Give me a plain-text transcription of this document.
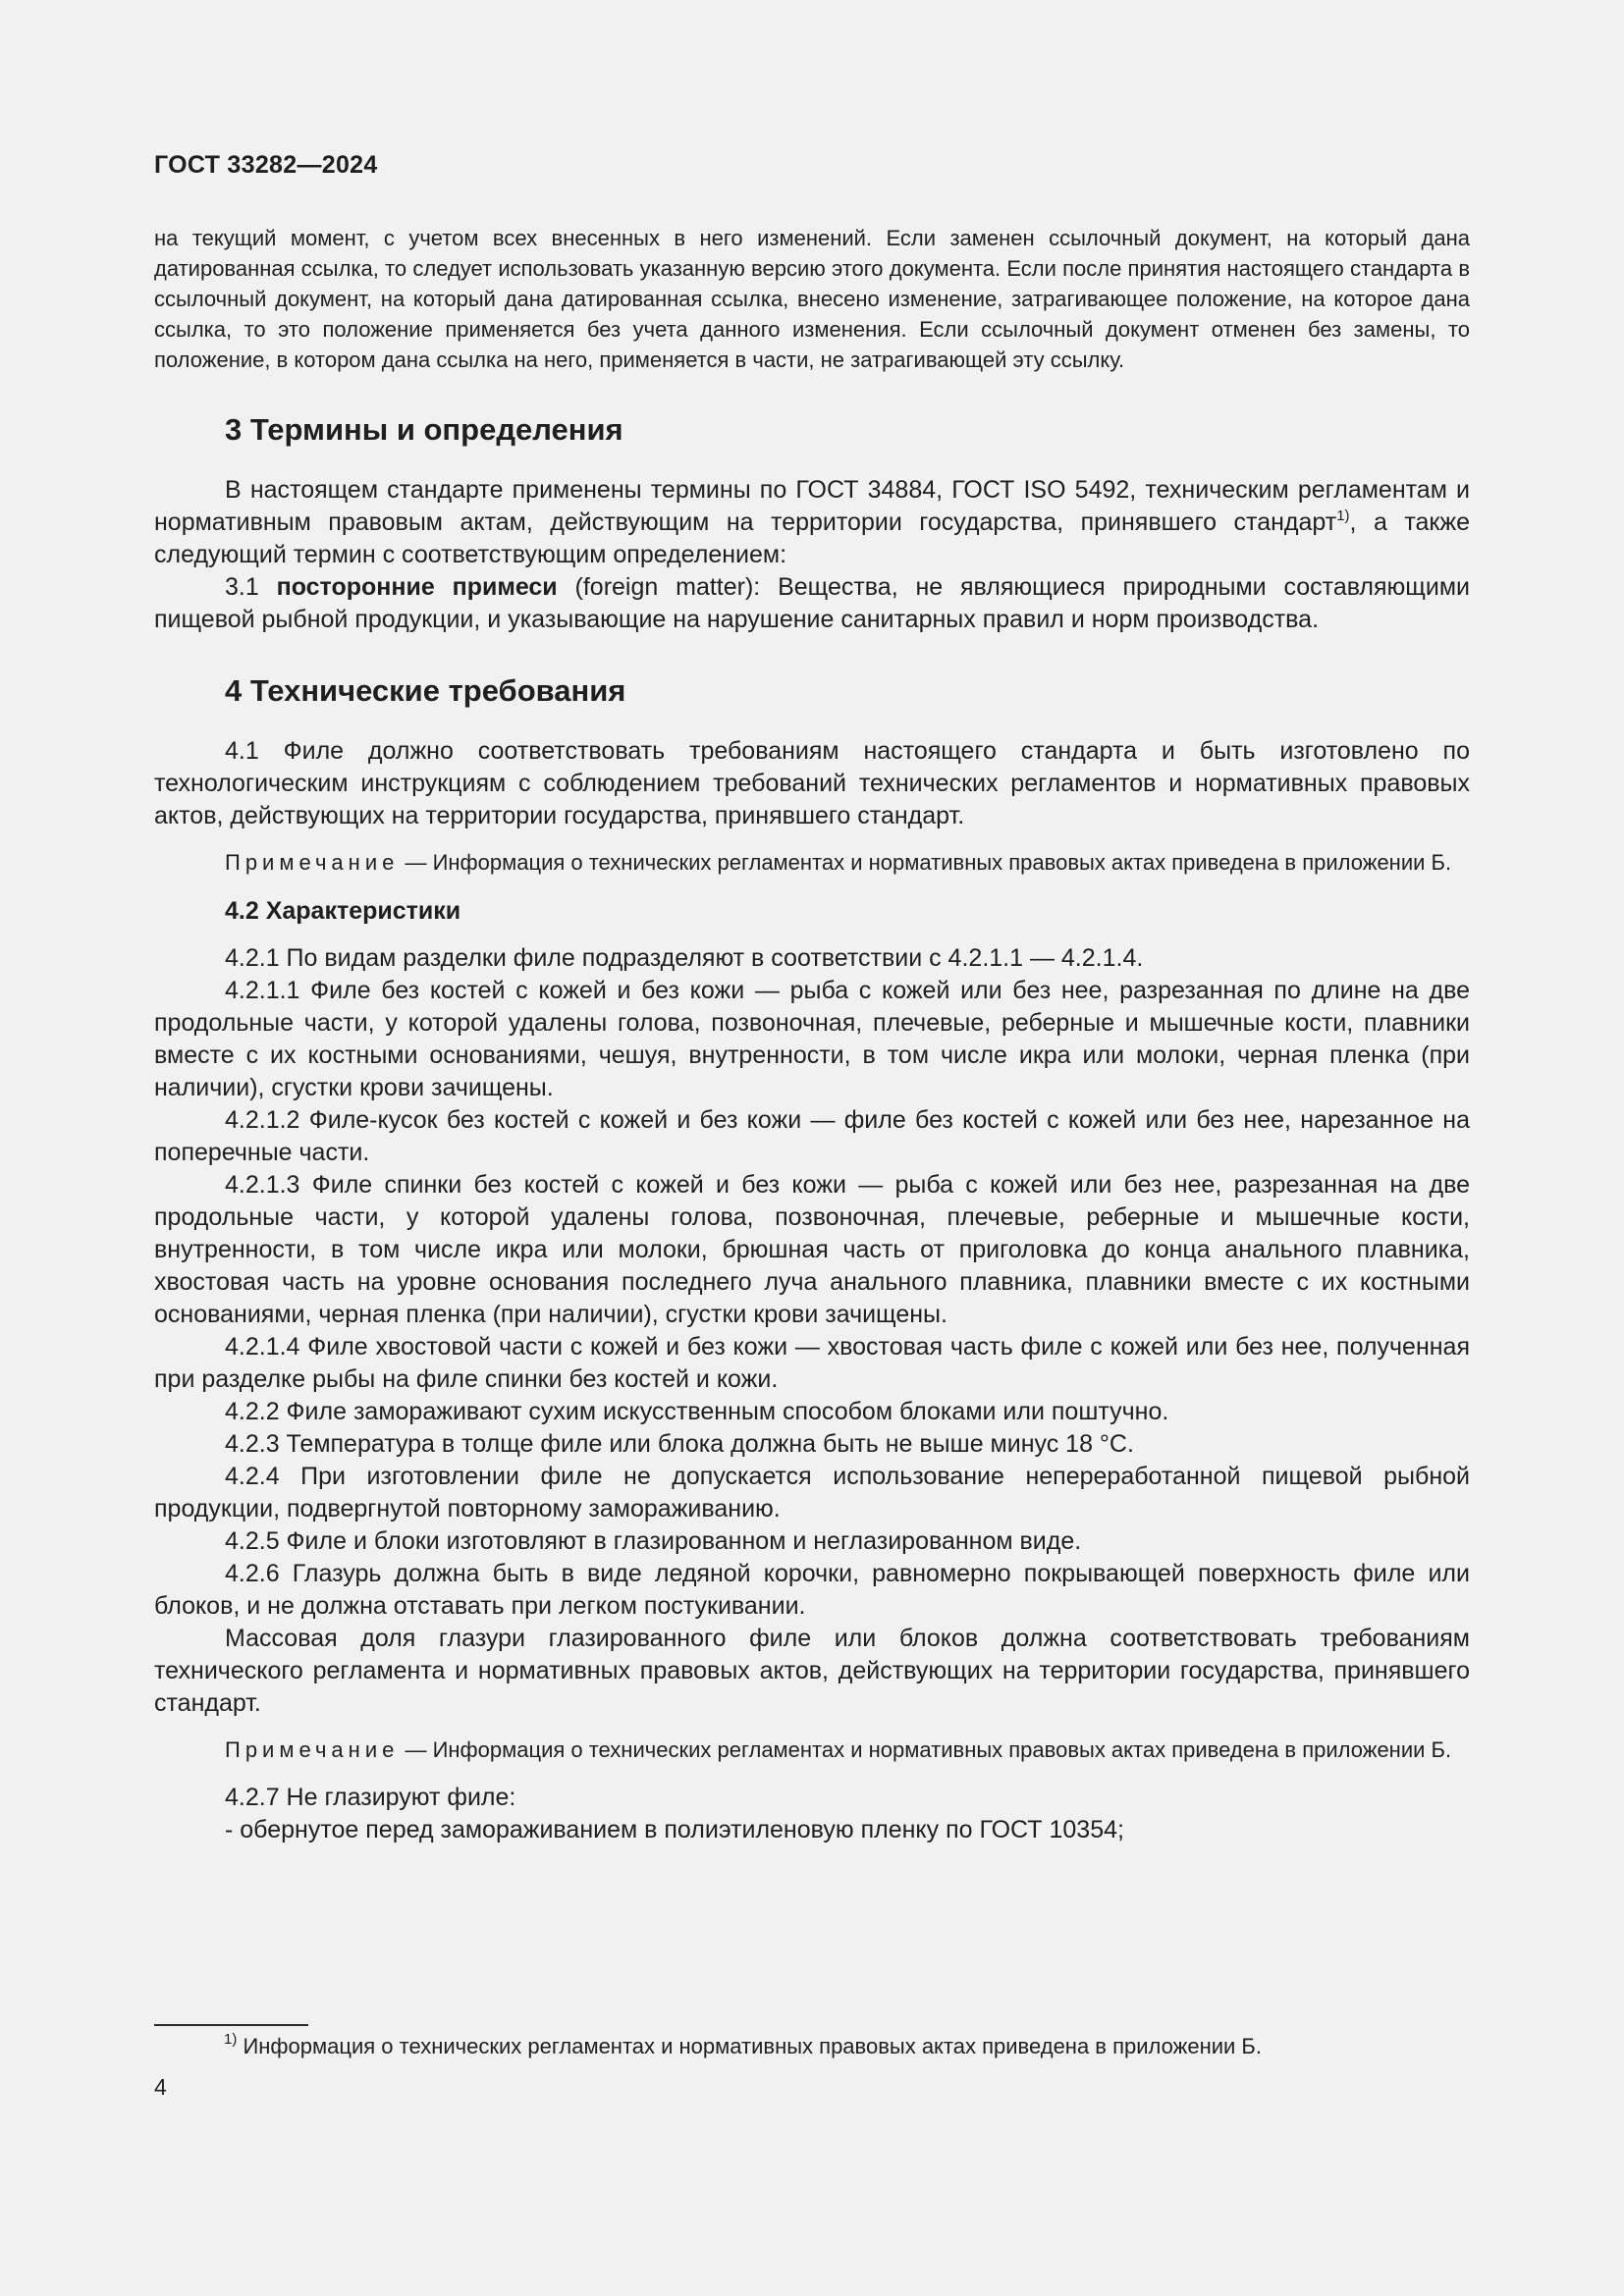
ГОСТ 33282—2024

на текущий момент, с учетом всех внесенных в него изменений. Если заменен ссылочный документ, на который дана датированная ссылка, то следует использовать указанную версию этого документа. Если после принятия настоящего стандарта в ссылочный документ, на который дана датированная ссылка, внесено изменение, затрагивающее положение, на которое дана ссылка, то это положение применяется без учета данного изменения. Если ссылочный документ отменен без замены, то положение, в котором дана ссылка на него, применяется в части, не затрагивающей эту ссылку.

3 Термины и определения

В настоящем стандарте применены термины по ГОСТ 34884, ГОСТ ISO 5492, техническим регламентам и нормативным правовым актам, действующим на территории государства, принявшего стандарт$^{1)}$, а также следующий термин с соответствующим определением:

3.1 посторонние примеси (foreign matter): Вещества, не являющиеся природными составляющими пищевой рыбной продукции, и указывающие на нарушение санитарных правил и норм производства.

4 Технические требования

4.1 Филе должно соответствовать требованиям настоящего стандарта и быть изготовлено по технологическим инструкциям с соблюдением требований технических регламентов и нормативных правовых актов, действующих на территории государства, принявшего стандарт.

Примечание — Информация о технических регламентах и нормативных правовых актах приведена в приложении Б.

4.2 Характеристики

4.2.1 По видам разделки филе подразделяют в соответствии с 4.2.1.1 — 4.2.1.4.

4.2.1.1 Филе без костей с кожей и без кожи — рыба с кожей или без нее, разрезанная по длине на две продольные части, у которой удалены голова, позвоночная, плечевые, реберные и мышечные кости, плавники вместе с их костными основаниями, чешуя, внутренности, в том числе икра или молоки, черная пленка (при наличии), сгустки крови зачищены.

4.2.1.2 Филе-кусок без костей с кожей и без кожи — филе без костей с кожей или без нее, нарезанное на поперечные части.

4.2.1.3 Филе спинки без костей с кожей и без кожи — рыба с кожей или без нее, разрезанная на две продольные части, у которой удалены голова, позвоночная, плечевые, реберные и мышечные кости, внутренности, в том числе икра или молоки, брюшная часть от приголовка до конца анального плавника, хвостовая часть на уровне основания последнего луча анального плавника, плавники вместе с их костными основаниями, черная пленка (при наличии), сгустки крови зачищены.

4.2.1.4 Филе хвостовой части с кожей и без кожи — хвостовая часть филе с кожей или без нее, полученная при разделке рыбы на филе спинки без костей и кожи.

4.2.2 Филе замораживают сухим искусственным способом блоками или поштучно.

4.2.3 Температура в толще филе или блока должна быть не выше минус 18 °С.

4.2.4 При изготовлении филе не допускается использование непереработанной пищевой рыбной продукции, подвергнутой повторному замораживанию.

4.2.5 Филе и блоки изготовляют в глазированном и неглазированном виде.

4.2.6 Глазурь должна быть в виде ледяной корочки, равномерно покрывающей поверхность филе или блоков, и не должна отставать при легком постукивании.

Массовая доля глазури глазированного филе или блоков должна соответствовать требованиям технического регламента и нормативных правовых актов, действующих на территории государства, принявшего стандарт.

Примечание — Информация о технических регламентах и нормативных правовых актах приведена в приложении Б.

4.2.7 Не глазируют филе:

- обернутое перед замораживанием в полиэтиленовую пленку по ГОСТ 10354;

$^{1)}$ Информация о технических регламентах и нормативных правовых актах приведена в приложении Б.
4
